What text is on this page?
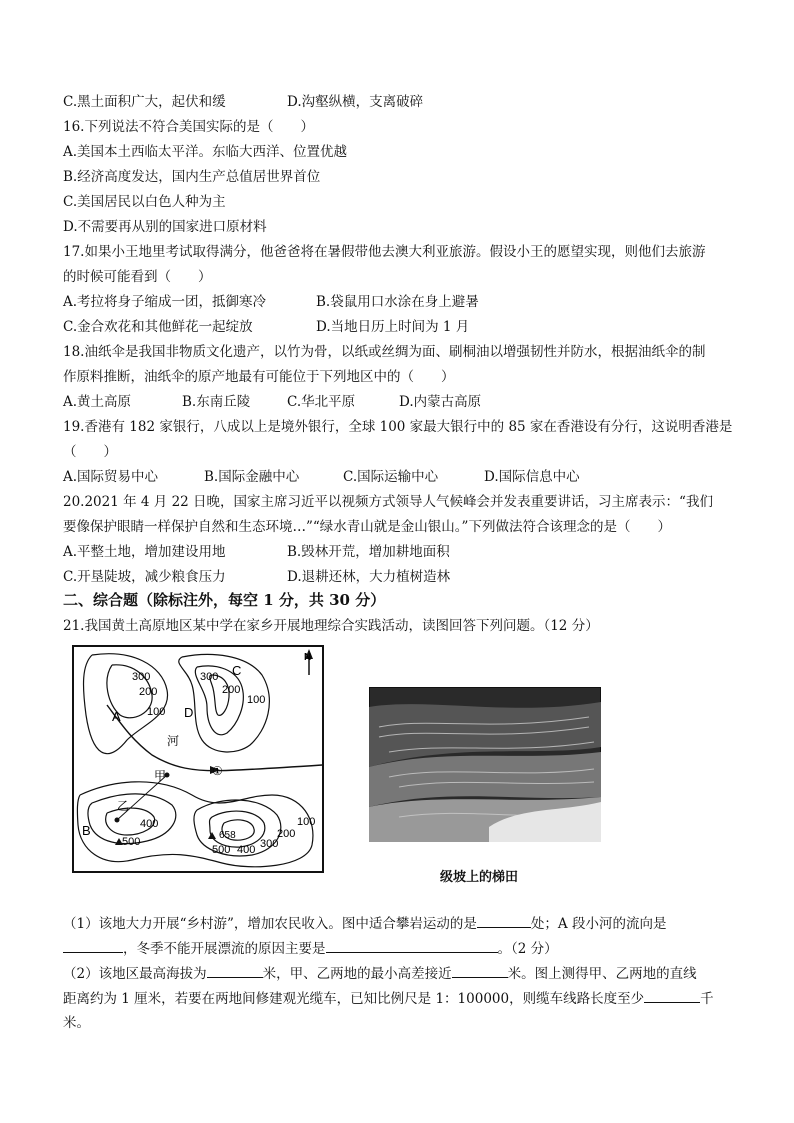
C.黑土面积广大，起伏和缓	D.沟壑纵横，支离破碎
16.下列说法不符合美国实际的是（　　）
A.美国本土西临太平洋。东临大西洋、位置优越
B.经济高度发达，国内生产总值居世界首位
C.美国居民以白色人种为主
D.不需要再从别的国家进口原材料
17.如果小王地里考试取得满分，他爸爸将在暑假带他去澳大利亚旅游。假设小王的愿望实现，则他们去旅游
的时候可能看到（　　）
A.考拉将身子缩成一团，抵御寒冷	B.袋鼠用口水涂在身上避暑
C.金合欢花和其他鲜花一起绽放	D.当地日历上时间为 1 月
18.油纸伞是我国非物质文化遗产，以竹为骨，以纸或丝绸为面、刷桐油以增强韧性并防水，根据油纸伞的制
作原料推断，油纸伞的原产地最有可能位于下列地区中的（　　）
A.黄土高原	B.东南丘陵	C.华北平原	D.内蒙古高原
19.香港有 182 家银行，八成以上是境外银行，全球 100 家最大银行中的 85 家在香港设有分行，这说明香港是
（　　）
A.国际贸易中心	B.国际金融中心	C.国际运输中心	D.国际信息中心
20.2021 年 4 月 22 日晚，国家主席习近平以视频方式领导人气候峰会并发表重要讲话，习主席表示：“我们
要像保护眼睛一样保护自然和生态环境…”“绿水青山就是金山银山。”下列做法符合该理念的是（　　）
A.平整土地，增加建设用地	B.毁林开荒，增加耕地面积
C.开垦陡坡，减少粮食压力	D.退耕还林，大力植树造林
二、综合题（除标注外，每空 1 分，共 30 分）
21.我国黄土高原地区某中学在家乡开展地理综合实践活动，读图回答下列问题。（12 分）
N
300
200
300
200
100
100
C
D
A
河
①
甲
乙
B
500
400
658	200
100
300
400
500
级坡上的梯田
（1）该地大力开展“乡村游”，增加农民收入。图中适合攀岩运动的是	处；A 段小河的流向是
，冬季不能开展漂流的原因主要是	。（2 分）
（2）该地区最高海拔为	米，甲、乙两地的最小高差接近	米。图上测得甲、乙两地的直线
距离约为 1 厘米，若要在两地间修建观光缆车，已知比例尺是 1：100000，则缆车线路长度至少	千
米。
